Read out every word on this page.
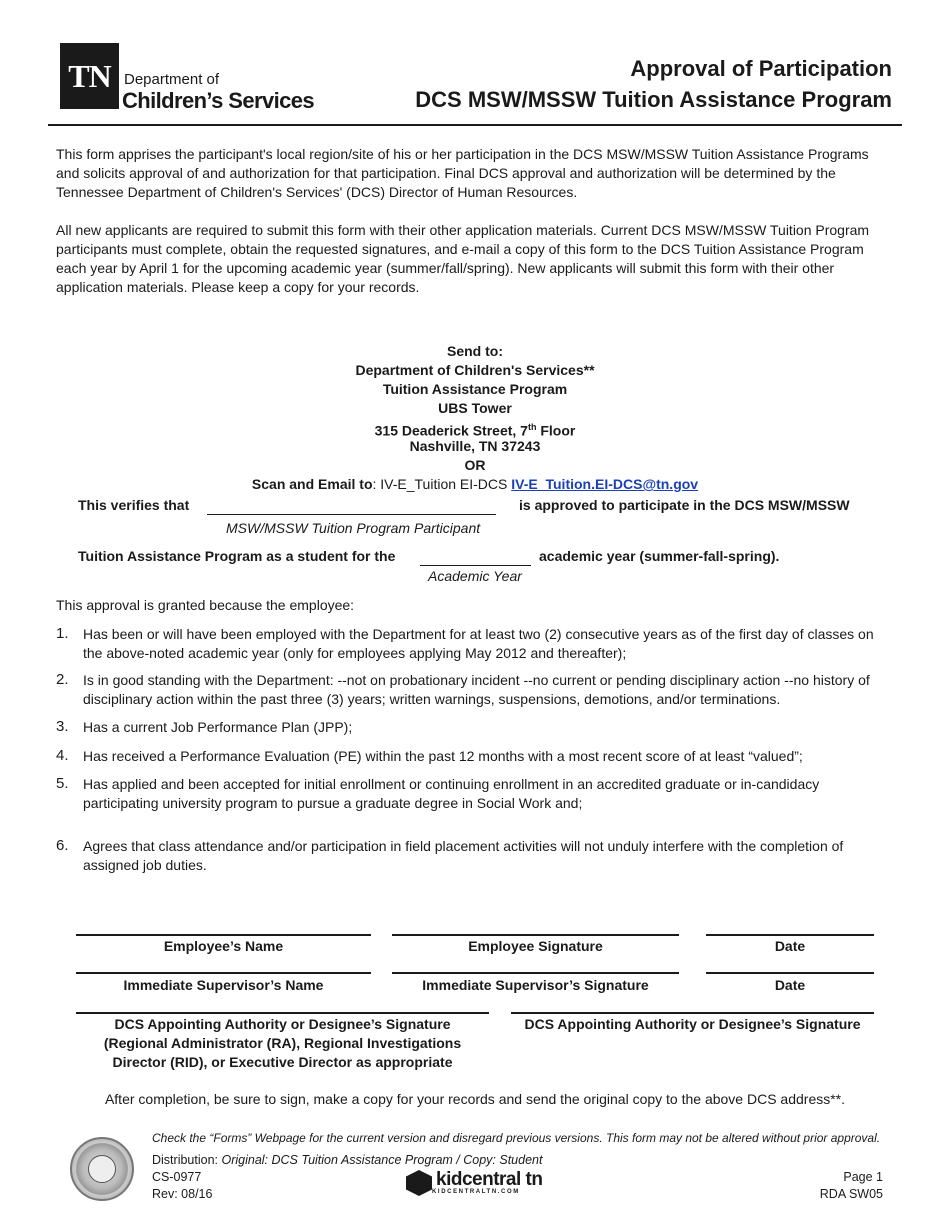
TN Department of
Children’s Services
Approval of Participation
DCS MSW/MSSW Tuition Assistance Program
This form apprises the participant's local region/site of his or her participation in the DCS MSW/MSSW Tuition Assistance Programs and solicits approval of and authorization for that participation. Final DCS approval and authorization will be determined by the Tennessee Department of Children's Services' (DCS) Director of Human Resources.
All new applicants are required to submit this form with their other application materials. Current DCS MSW/MSSW Tuition Program participants must complete, obtain the requested signatures, and e-mail a copy of this form to the DCS Tuition Assistance Program each year by April 1 for the upcoming academic year (summer/fall/spring). New applicants will submit this form with their other application materials. Please keep a copy for your records.
Send to:
Department of Children's Services**
Tuition Assistance Program
UBS Tower
315 Deaderick Street, 7th Floor
Nashville, TN 37243
OR
Scan and Email to: IV-E_Tuition EI-DCS IV-E_Tuition.EI-DCS@tn.gov
This verifies that	is approved to participate in the DCS MSW/MSSW
MSW/MSSW Tuition Program Participant
Tuition Assistance Program as a student for the	academic year (summer-fall-spring).
Academic Year
This approval is granted because the employee:
1. Has been or will have been employed with the Department for at least two (2) consecutive years as of the first day of classes on the above-noted academic year (only for employees applying May 2012 and thereafter);
2. Is in good standing with the Department: --not on probationary incident --no current or pending disciplinary action --no history of disciplinary action within the past three (3) years; written warnings, suspensions, demotions, and/or terminations.
3. Has a current Job Performance Plan (JPP);
4. Has received a Performance Evaluation (PE) within the past 12 months with a most recent score of at least “valued”;
5. Has applied and been accepted for initial enrollment or continuing enrollment in an accredited graduate or in-candidacy participating university program to pursue a graduate degree in Social Work and;
6. Agrees that class attendance and/or participation in field placement activities will not unduly interfere with the completion of assigned job duties.
Employee’s Name	Employee Signature	Date
Immediate Supervisor’s Name	Immediate Supervisor’s Signature	Date
DCS Appointing Authority or Designee’s Signature
(Regional Administrator (RA), Regional Investigations
Director (RID), or Executive Director as appropriate
DCS Appointing Authority or Designee’s Signature
After completion, be sure to sign, make a copy for your records and send the original copy to the above DCS address**.
Check the “Forms” Webpage for the current version and disregard previous versions. This form may not be altered without prior approval.
Distribution: Original: DCS Tuition Assistance Program / Copy: Student
CS-0977
Rev: 08/16
kidcentral tn
KIDCENTRALTN.COM
Page 1
RDA SW05
